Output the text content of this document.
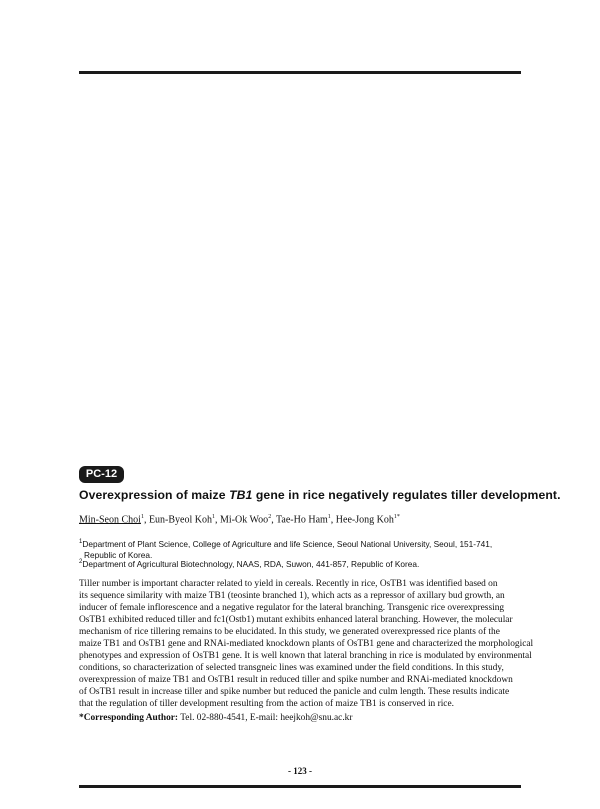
PC-12
Overexpression of maize TB1 gene in rice negatively regulates tiller development.
Min-Seon Choi$^1$, Eun-Byeol Koh$^1$, Mi-Ok Woo$^2$, Tae-Ho Ham$^1$, Hee-Jong Koh$^{1*}$
$^1$Department of Plant Science, College of Agriculture and life Science, Seoul National University, Seoul, 151-741,
Republic of Korea.
$^2$Department of Agricultural Biotechnology, NAAS, RDA, Suwon, 441-857, Republic of Korea.
Tiller number is important character related to yield in cereals. Recently in rice, OsTB1 was identified based on
its sequence similarity with maize TB1 (teosinte branched 1), which acts as a repressor of axillary bud growth, an
inducer of female inflorescence and a negative regulator for the lateral branching. Transgenic rice overexpressing
OsTB1 exhibited reduced tiller and fc1(Ostb1) mutant exhibits enhanced lateral branching. However, the molecular
mechanism of rice tillering remains to be elucidated. In this study, we generated overexpressed rice plants of the
maize TB1 and OsTB1 gene and RNAi-mediated knockdown plants of OsTB1 gene and characterized the morphological
phenotypes and expression of OsTB1 gene. It is well known that lateral branching in rice is modulated by environmental
conditions, so characterization of selected transgneic lines was examined under the field conditions. In this study,
overexpression of maize TB1 and OsTB1 result in reduced tiller and spike number and RNAi-mediated knockdown
of OsTB1 result in increase tiller and spike number but reduced the panicle and culm length. These results indicate
that the regulation of tiller development resulting from the action of maize TB1 is conserved in rice.
*Corresponding Author: Tel. 02-880-4541, E-mail: heejkoh@snu.ac.kr
- 123 -
